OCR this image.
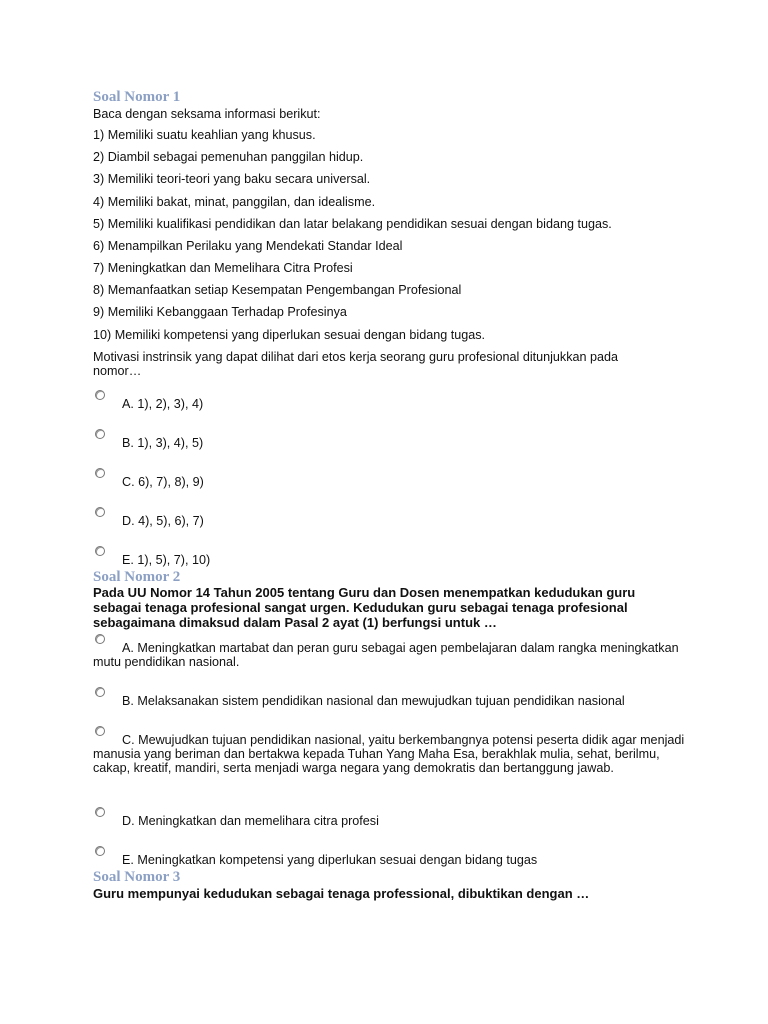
Soal Nomor 1
Baca dengan seksama informasi berikut:
1) Memiliki suatu keahlian yang khusus.
2) Diambil sebagai pemenuhan panggilan hidup.
3) Memiliki teori-teori yang baku secara universal.
4) Memiliki bakat, minat, panggilan, dan idealisme.
5) Memiliki kualifikasi pendidikan dan latar belakang pendidikan sesuai dengan bidang tugas.
6) Menampilkan Perilaku yang Mendekati Standar Ideal
7) Meningkatkan dan Memelihara Citra Profesi
8) Memanfaatkan setiap Kesempatan Pengembangan Profesional
9) Memiliki Kebanggaan Terhadap Profesinya
10) Memiliki kompetensi yang diperlukan sesuai dengan bidang tugas.
Motivasi instrinsik yang dapat dilihat dari etos kerja seorang guru profesional ditunjukkan pada
nomor…
A. 1), 2), 3), 4)
B. 1), 3), 4), 5)
C. 6), 7), 8), 9)
D. 4), 5), 6), 7)
E. 1), 5), 7), 10)
Soal Nomor 2
Pada UU Nomor 14 Tahun 2005 tentang Guru dan Dosen menempatkan kedudukan guru
sebagai tenaga profesional sangat urgen. Kedudukan guru sebagai tenaga profesional
sebagaimana dimaksud dalam Pasal 2 ayat (1) berfungsi untuk …
A. Meningkatkan martabat dan peran guru sebagai agen pembelajaran dalam rangka meningkatkan mutu pendidikan nasional.
B. Melaksanakan sistem pendidikan nasional dan mewujudkan tujuan pendidikan nasional
C. Mewujudkan tujuan pendidikan nasional, yaitu berkembangnya potensi peserta didik agar menjadi manusia yang beriman dan bertakwa kepada Tuhan Yang Maha Esa, berakhlak mulia, sehat, berilmu, cakap, kreatif, mandiri, serta menjadi warga negara yang demokratis dan bertanggung jawab.
D. Meningkatkan dan memelihara citra profesi
E. Meningkatkan kompetensi yang diperlukan sesuai dengan bidang tugas
Soal Nomor 3
Guru mempunyai kedudukan sebagai tenaga professional, dibuktikan dengan …
